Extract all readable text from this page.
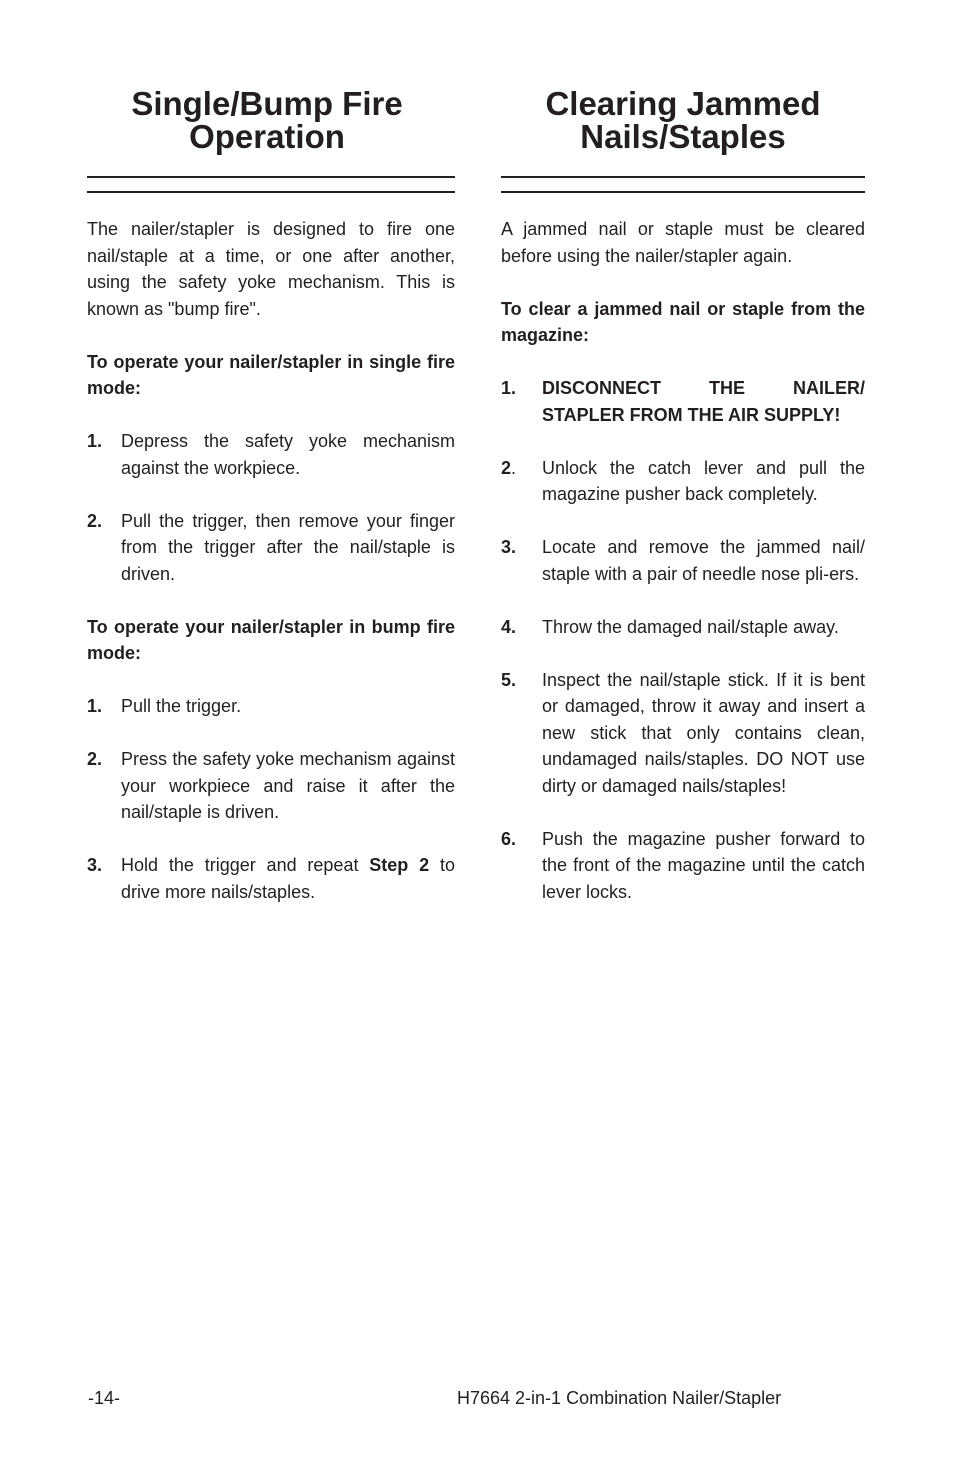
Single/Bump Fire
Operation

The nailer/stapler is designed to fire one nail/staple at a time, or one after another, using the safety yoke mechanism. This is known as "bump fire".

To operate your nailer/stapler in single fire mode:

1.	Depress the safety yoke mechanism against the workpiece.
2.	Pull the trigger, then remove your finger from the trigger after the nail/staple is driven.

To operate your nailer/stapler in bump fire mode:

1.	Pull the trigger.
2.	Press the safety yoke mechanism against your workpiece and raise it after the nail/staple is driven.
3.	Hold the trigger and repeat Step 2 to drive more nails/staples.
Clearing Jammed
Nails/Staples

A jammed nail or staple must be cleared before using the nailer/stapler again.

To clear a jammed nail or staple from the magazine:

1.	DISCONNECT THE NAILER/ STAPLER FROM THE AIR SUPPLY!
2.	Unlock the catch lever and pull the magazine pusher back completely.
3.	Locate and remove the jammed nail/ staple with a pair of needle nose pli-ers.
4.	Throw the damaged nail/staple away.
5.	Inspect the nail/staple stick. If it is bent or damaged, throw it away and insert a new stick that only contains clean, undamaged nails/staples. DO NOT use dirty or damaged nails/staples!
6.	Push the magazine pusher forward to the front of the magazine until the catch lever locks.
-14-	H7664 2-in-1 Combination Nailer/Stapler
